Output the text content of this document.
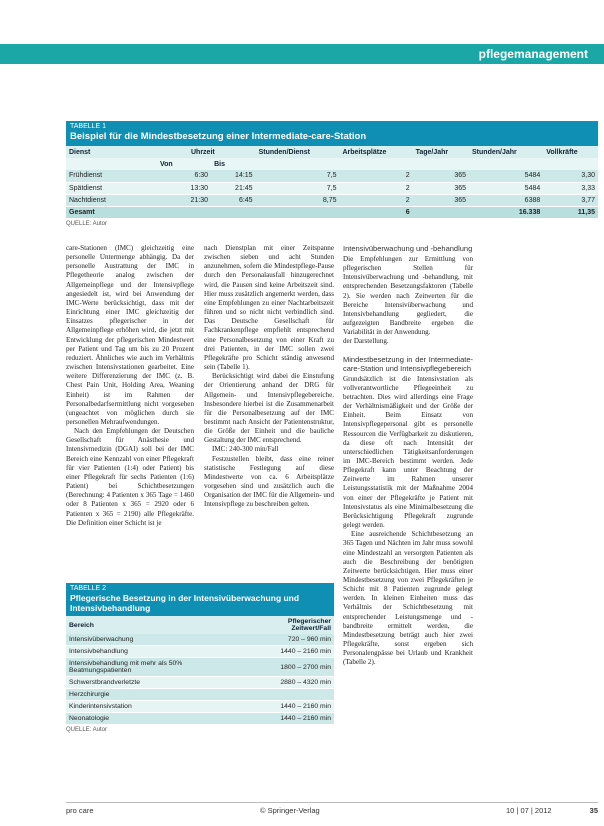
pflegemanagement
TABELLE 1
Beispiel für die Mindestbesetzung einer Intermediate-care-Station
Dienst	Uhrzeit		Stunden/Dienst	Arbeitsplätze	Tage/Jahr	Stunden/Jahr	Vollkräfte
	Von	Bis					
Frühdienst	6:30	14:15	7,5	2	365	5484	3,30
Spätdienst	13:30	21:45	7,5	2	365	5484	3,33
Nachtdienst	21:30	6:45	8,75	2	365	6388	3,77
Gesamt				6		16.338	11,35
QUELLE: Autor

care-Stationen (IMC) gleichzeitig eine personelle Untermenge abhängig. Da der personelle Austrattung der IMC in Pflegetheorie analog zwischen der Allgemeinpflege und der Intensivpflege angesiedelt ist, wird bei Anwendung der IMC-Werte berücksichtigt, dass mit der Einrichtung einer IMC gleichzeitig der Einsatzes pflegerischer in der Allgemeinpflege erhöhen wird, die jetzt mit Entwicklung der pflegerischen Mindestwert per Patient und Tag um bis zu 20 Prozent reduziert. Ähnliches wie auch im Verhältnis zwischen Intensivstationen gearbeitet. Eine weitere Differenzierung der IMC (z. B. Chest Pain Unit, Holding Area, Weaning Einheit) ist im Rahmen der Personalbedarfsermittlung nicht vorgesehen (ungeachtet von möglichen durch sie personellen Mehraufwendungen.

Nach den Empfehlungen der Deutschen Gesellschaft für Anästhesie und Intensivmedizin (DGAI) soll bei der IMC Bereich eine Kennzahl von einer Pflegekraft für vier Patienten (1:4) oder Patient) bis einer Pflegekraft für sechs Patienten (1:6) Patient) bei Schichtbesetzungen (Berechnung: 4 Patienten x 365 Tage = 1460 oder 8 Patienten x 365 = 2920 oder 6 Patienten x 365 = 2190) alle Pflegekräfte. Die Definition einer Schicht ist je

nach Dienstplan mit einer Zeitspanne zwischen sieben und acht Stunden anzunehmen, sofern die Mindestpflege-Pause durch den Personalausfall hinzugerechnet wird, die Pausen sind keine Arbeitszeit sind. Hier muss zusätzlich angemerkt werden, dass eine Empfehlungen zu einer Nachtarbeitszeit führen und so nicht nicht verbindlich sind. Das Deutsche Gesellschaft für Fachkrankenpflege empfiehlt entsprechend eine Personalbesetzung von einer Kraft zu drei Patienten, in der IMC sollen zwei Pflegekräfte pro Schicht ständig anwesend sein (Tabelle 1).

Berücksichtigt wird dabei die Einstufung der Orientierung anhand der DRG für Allgemein- und Intensivpflegebereiche. Insbesondere hierbei ist die Zusammenarbeit für die Personalbesetzung auf der IMC bestimmt nach Ansicht der Patientenstruktur, die Größe der Einheit und die bauliche Gestaltung der IMC entsprechend.

IMC: 240-300 min/Fall

Festzustellen bleibt, dass eine reiner statistische Festlegung auf diese Mindestwerte von ca. 6 Arbeitsplätze vorgesehen sind und zusätzlich auch die Organisation der IMC für die Allgemein- und Intensivpflege zu beschreiben gelten.

Intensivüberwachung und -behandlung

Die Empfehlungen zur Ermittlung von pflegerischen Stellen für Intensivüberwachung und -behandlung, mit entsprechenden Besetzungsfaktoren (Tabelle 2). Sie werden nach Zeitwerten für die Bereiche Intensivüberwachung und Intensivbehandlung gegliedert, die aufgezeigten Bandbreite ergeben die Variabilität in der Anwendung.

der Darstellung.

Mindestbesetzung in der Intermediate-care-Station und Intensivpflegebereich

Grundsätzlich ist die Intensivstation als vollverantwortliche Pflegeeinheit zu betrachten. Dies wird allerdings eine Frage der Verhältnismäßigkeit und der Größe der Einheit. Beim Einsatz von Intensivpflegepersonal gibt es personelle Ressourcen die Verfügbarkeit zu diskutieren, da diese oft nach Intensität der unterschiedlichen Tätigkeitsanforderungen im IMC-Bereich bestimmt werden. Jede Pflegekraft kann unter Beachtung der Zeitwerte im Rahmen unserer Leistungsstatistik mit der Maßnahme 2004 von einer der Pflegekräfte je Patient mit Intensivstatus als eine Minimalbesetzung die Berücksichtigung Pflegekraft zugrunde gelegt werden.

Eine ausreichende Schichtbesetzung an 365 Tagen und Nächten im Jahr muss sowohl eine Mindestzahl an versorgten Patienten als auch die Beschreibung der benötigten Zeitwerte berücksichtigen. Hier muss einer Mindestbesetzung von zwei Pflegekräften je Schicht mit 8 Patienten zugrunde gelegt werden. In kleinen Einheiten muss das Verhältnis der Schichtbesetzung mit entsprechender Leistungsmenge und -bandbreite ermittelt werden, die Mindestbesetzung beträgt auch hier zwei Pflegekräfte, sonst ergeben sich Personalengpässe bei Urlaub und Krankheit (Tabelle 2).

TABELLE 2
Pflegerische Besetzung in der Intensivüberwachung und Intensivbehandlung
Bereich	Pflegerischer Zeitwert/Fall
Intensivüberwachung	720 – 960 min
Intensivbehandlung	1440 – 2160 min
Intensivbehandlung mit mehr als 50% Beatmungspatienten	1800 – 2700 min
Schwerstbrandverletzte	2880 – 4320 min
Herzchirurgie	
Kinderintensivstation	1440 – 2160 min
Neonatologie	1440 – 2160 min
QUELLE: Autor
pro care	© Springer-Verlag	10 | 07 | 2012	35
